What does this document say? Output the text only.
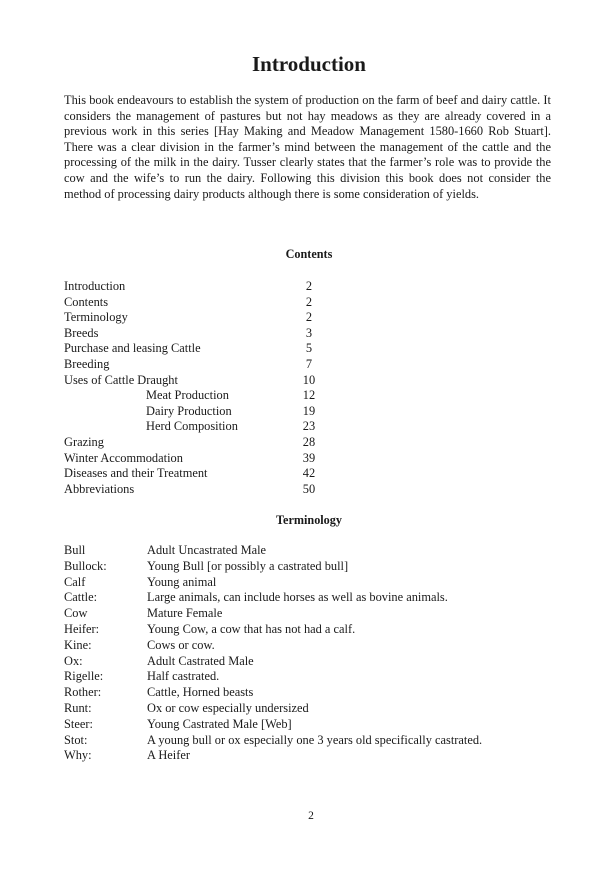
Introduction

This book endeavours to establish the system of production on the farm of beef and dairy cattle. It considers the management of pastures but not hay meadows as they are already covered in a previous work in this series [Hay Making and Meadow Management 1580-1660 Rob Stuart]. There was a clear division in the farmer’s mind between the management of the cattle and the processing of the milk in the dairy. Tusser clearly states that the farmer’s role was to provide the cow and the wife’s to run the dairy. Following this division this book does not consider the method of processing dairy products although there is some consideration of yields.

Contents
Introduction	2
Contents	2
Terminology	2
Breeds	3
Purchase and leasing Cattle	5
Breeding	7
Uses of Cattle Draught	10
Meat Production	12
Dairy Production	19
Herd Composition	23
Grazing	28
Winter Accommodation	39
Diseases and their Treatment	42
Abbreviations	50
Terminology
Bull	Adult Uncastrated Male
Bullock:	Young Bull [or possibly a castrated bull]
Calf	Young animal
Cattle:	Large animals, can include horses as well as bovine animals.
Cow	Mature Female
Heifer:	Young Cow, a cow that has not had a calf.
Kine:	Cows or cow.
Ox:	Adult Castrated Male
Rigelle:	Half castrated.
Rother:	Cattle, Horned beasts
Runt:	Ox or cow especially undersized
Steer:	Young Castrated Male [Web]
Stot:	A young bull or ox especially one 3 years old specifically castrated.
Why:	A Heifer
2
